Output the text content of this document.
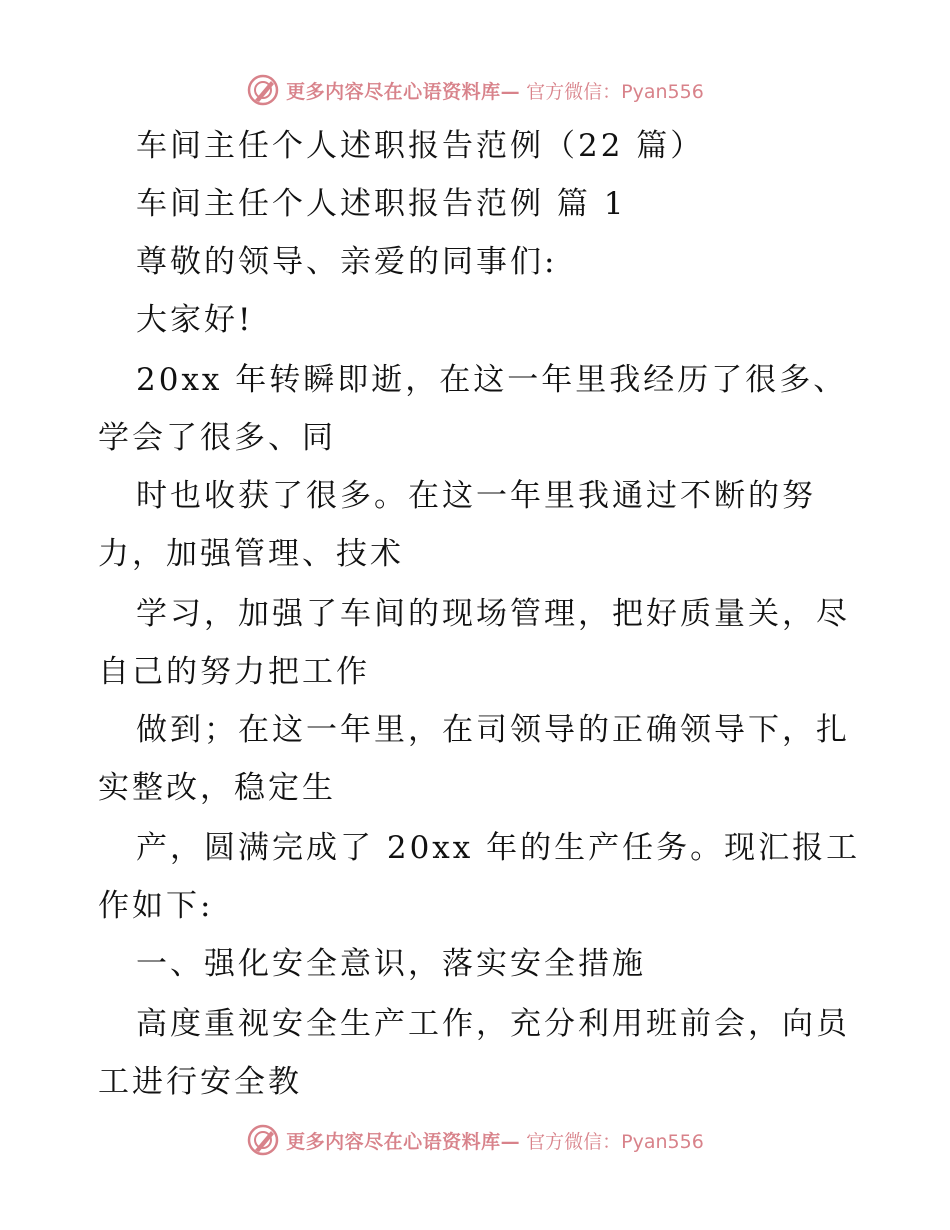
更多内容尽在心语资料库— 官方微信：Pyan556
车间主任个人述职报告范例（22 篇）
车间主任个人述职报告范例 篇 1
尊敬的领导、亲爱的同事们:
大家好!
20xx 年转瞬即逝，在这一年里我经历了很多、
学会了很多、同
时也收获了很多。在这一年里我通过不断的努
力，加强管理、技术
学习，加强了车间的现场管理，把好质量关，尽
自己的努力把工作
做到；在这一年里，在司领导的正确领导下，扎
实整改，稳定生
产，圆满完成了 20xx 年的生产任务。现汇报工
作如下:
一、强化安全意识，落实安全措施
高度重视安全生产工作，充分利用班前会，向员
工进行安全教
更多内容尽在心语资料库— 官方微信：Pyan556
